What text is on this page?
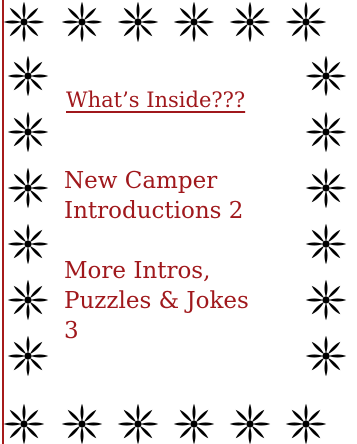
What’s Inside???
New Camper
Introductions 2
More Intros,
Puzzles & Jokes
3
